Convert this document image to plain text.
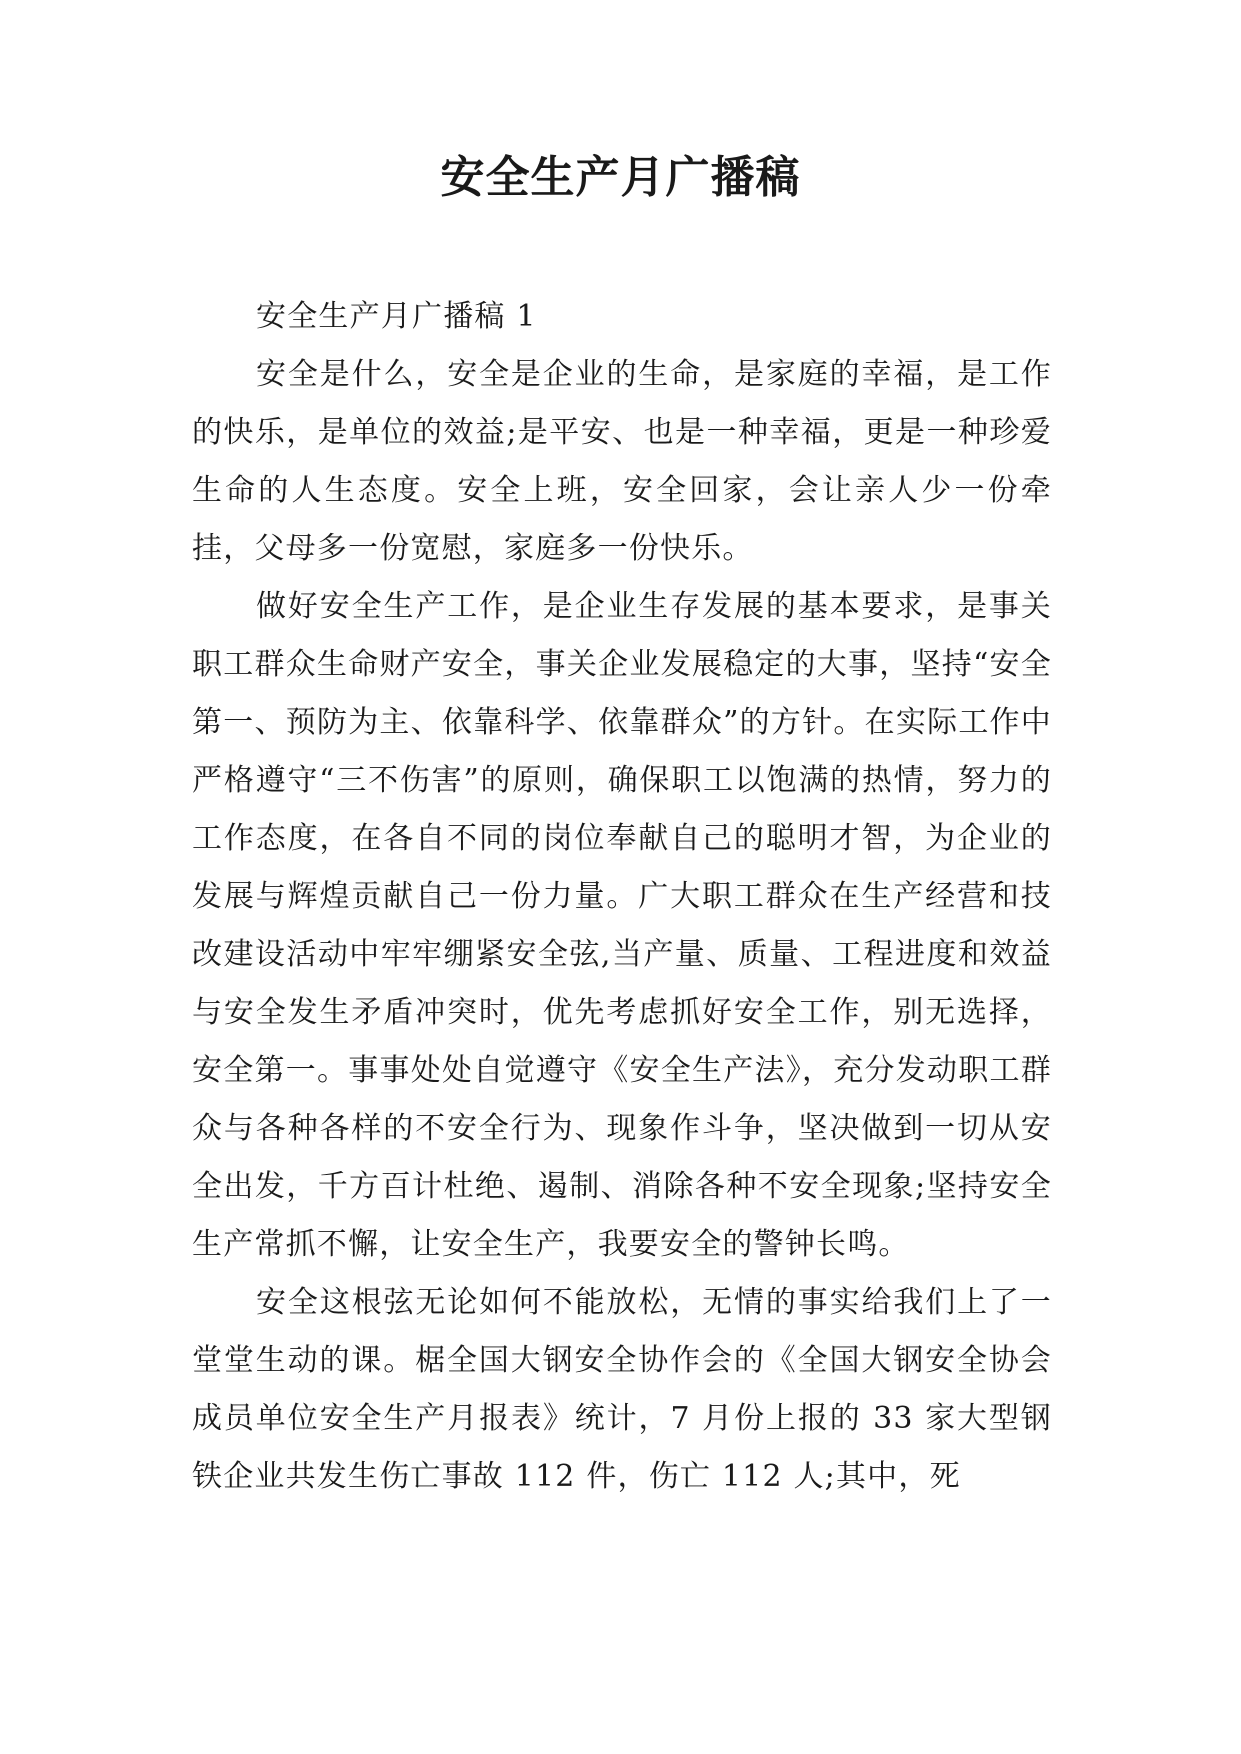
安全生产月广播稿

安全生产月广播稿 1

安全是什么，安全是企业的生命，是家庭的幸福，是工作的快乐，是单位的效益;是平安、也是一种幸福，更是一种珍爱生命的人生态度。安全上班，安全回家，会让亲人少一份牵挂，父母多一份宽慰，家庭多一份快乐。

做好安全生产工作，是企业生存发展的基本要求，是事关职工群众生命财产安全，事关企业发展稳定的大事，坚持“安全第一、预防为主、依靠科学、依靠群众”的方针。在实际工作中严格遵守“三不伤害”的原则，确保职工以饱满的热情，努力的工作态度，在各自不同的岗位奉献自己的聪明才智，为企业的发展与辉煌贡献自己一份力量。广大职工群众在生产经营和技改建设活动中牢牢绷紧安全弦,当产量、质量、工程进度和效益与安全发生矛盾冲突时，优先考虑抓好安全工作，别无选择，安全第一。事事处处自觉遵守《安全生产法》，充分发动职工群众与各种各样的不安全行为、现象作斗争，坚决做到一切从安全出发，千方百计杜绝、遏制、消除各种不安全现象;坚持安全生产常抓不懈，让安全生产，我要安全的警钟长鸣。

安全这根弦无论如何不能放松，无情的事实给我们上了一堂堂生动的课。椐全国大钢安全协作会的《全国大钢安全协会成员单位安全生产月报表》统计，7 月份上报的 33 家大型钢铁企业共发生伤亡事故 112 件，伤亡 112 人;其中，死
